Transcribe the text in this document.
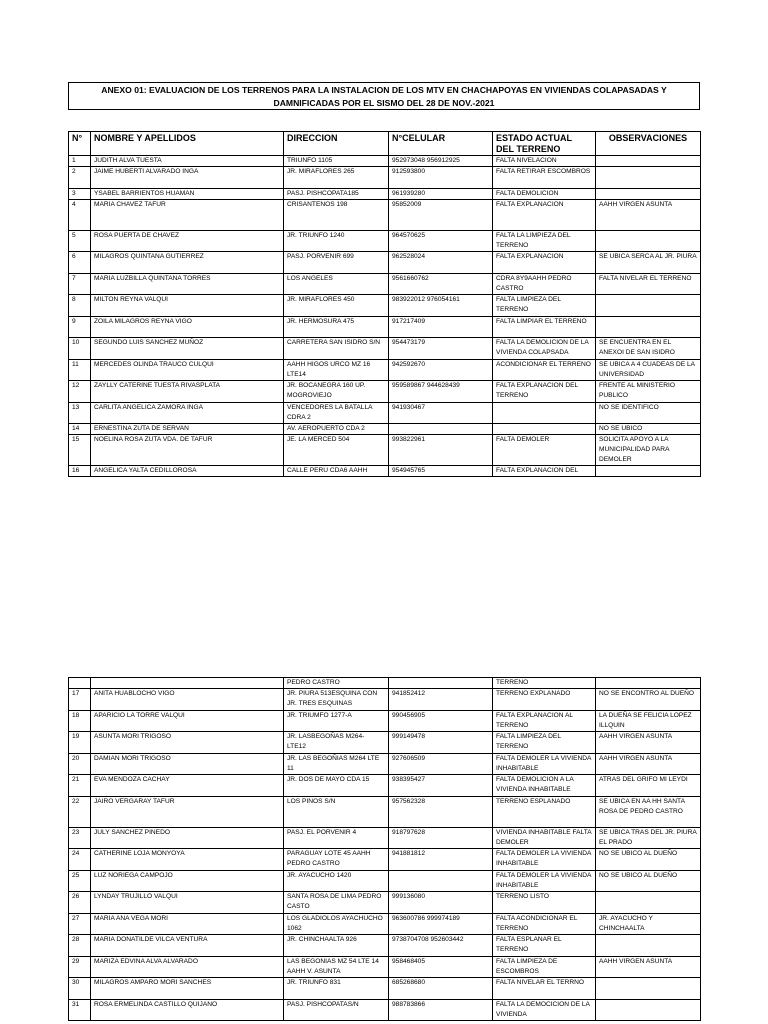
ANEXO 01: EVALUACION DE LOS TERRENOS PARA LA INSTALACION DE LOS MTV EN CHACHAPOYAS EN VIVIENDAS COLAPASADAS Y DAMNIFICADAS POR EL SISMO DEL 28 DE NOV.-2021
N°	NOMBRE Y APELLIDOS	DIRECCION	N°CELULAR	ESTADO ACTUAL DEL TERRENO	OBSERVACIONES
1	JUDITH ALVA TUESTA	TRIUNFO 1105	952973048 956912925	FALTA NIVELACION	
2	JAIME HUBERTI ALVARADO INGA	JR. MIRAFLORES 265	912593800	FALTA RETIRAR ESCOMBROS	
3	YSABEL BARRIENTOS HUAMAN	PASJ. PISHCOPATA185	961939280	FALTA DEMOLICION	
4	MARIA CHAVEZ TAFUR	CRISANTENOS 198	95852009	FALTA EXPLANACION	AAHH VIRGEN ASUNTA
5	ROSA PUERTA DE CHAVEZ	JR. TRIUNFO 1240	964570625	FALTA LA LIMPIEZA DEL TERRENO	
6	MILAGROS QUINTANA GUTIERREZ	PASJ. PORVENIR 699	962528024	FALTA EXPLANACION	SE UBICA SERCA AL JR. PIURA
7	MARIA LUZBILLA QUINTANA TORRES	LOS ANGELES	9561660762	CDRA 8Y9AAHH PEDRO CASTRO	FALTA NIVELAR EL TERRENO
8	MILTON REYNA VALQUI	JR. MIRAFLORES 450	983922012 976054161	FALTA LIMPIEZA DEL TERRENO	
9	ZOILA MILAGROS REYNA VIGO	JR. HERMOSURA 475	917217409	FALTA LIMPIAR EL TERRENO	
10	SEGUNDO LUIS SANCHEZ MUÑOZ	CARRETERA SAN ISIDRO S/N	954473179	FALTA LA DEMOLICION DE LA VIVIENDA COLAPSADA	SE ENCUENTRA EN EL ANEXOI DE SAN ISIDRO
11	MERCEDES OLINDA TRAUCO CULQUI	AAHH HIGOS URCO MZ 16 LTE14	942592670	ACONDICIONAR EL TERRENO	SE UBICA A 4 CUADEAS DE LA UNIVERSIDAD
12	ZAYLLY CATERINE TUESTA RIVASPLATA	JR. BOCANEGRA 160 UP. MOGROVIEJO	959589867 944628439	FALTA EXPLANACION DEL TERRENO	FRENTE AL MINISTERIO PUBLICO
13	CARLITA ANGELICA ZAMORA INGA	VENCEDORES LA BATALLA CDRA 2	941930467		NO SE IDENTIFICO
14	ERNESTINA ZUTA DE SERVAN	AV. AEROPUERTO CDA 2			NO SE UBICO
15	NOELINA ROSA ZUTA VDA. DE TAFUR	JE. LA MERCED 504	993822961	FALTA DEMOLER	SOLICITA APOYO A LA MUNICIPALIDAD PARA DEMOLER
16	ANGELICA YALTA CEDILLOROSA	CALLE PERU CDA6 AAHH	954945765	FALTA EXPLANACION DEL	
		PEDRO CASTRO		TERRENO	
17	ANITA HUABLOCHO VIGO	JR. PIURA 513ESQUINA CON JR. TRES ESQUINAS	941852412	TERRENO EXPLANADO	NO SE ENCONTRO AL DUEÑO
18	APARICIO LA TORRE VALQUI	JR. TRIUMFO 1277-A	990456905	FALTA EXPLANACION AL TERRENO	LA DUEÑA SE FELICIA LOPEZ ILLQUIN
19	ASUNTA MORI TRIGOSO	JR. LASBEGOÑAS M264- LTE12	999149478	FALTA LIMPIEZA DEL TERRENO	AAHH VIRGEN ASUNTA
20	DAMIAN MORI TRIGOSO	JR. LAS BEGOÑIAS M264 LTE 11	927606509	FALTA DEMOLER LA VIVIENDA INHABITABLE	AAHH VIRGEN ASUNTA
21	EVA MENDOZA CACHAY	JR. DOS DE MAYO CDA 15	938395427	FALTA DEMOLICION A LA VIVIENDA INHABITABLE	ATRAS DEL GRIFO MI LEYDI
22	JAIRO VERGARAY TAFUR	LOS PINOS S/N	957562328	TERRENO ESPLANADO	SE UBICA EN AA HH SANTA ROSA DE PEDRO CASTRO
23	JULY SANCHEZ PINEDO	PASJ. EL PORVENIR 4	918797628	VIVIENDA INHABITABLE FALTA DEMOLER	SE UBICA TRAS DEL JR. PIURA EL PRADO
24	CATHERINE LOJA MONYOYA	PARAGUAY LOTE 45 AAHH PEDRO CASTRO	941881812	FALTA DEMOLER LA VIVIENDA INHABITABLE	NO SE UBICO AL DUEÑO
25	LUZ NORIEGA CAMPOJO	JR. AYACUCHO 1420		FALTA DEMOLER LA VIVIENDA INHABITABLE	NO SE UBICO AL DUEÑO
26	LYNDAY TRUJILLO VALQUI	SANTA ROSA DE LIMA PEDRO CASTO	999136080	TERRENO LISTO	
27	MARIA ANA VEGA MORI	LOS GLADIOLOS AYACHUCHO 1062	963600786 999974189	FALTA ACONDICIONAR EL TERRENO	JR. AYACUCHO Y CHINCHAALTA
28	MARIA DONATILDE VILCA VENTURA	JR. CHINCHAALTA 926	9738704708 952603442	FALTA ESPLANAR EL TERRENO	
29	MARIZA EDVINA ALVA ALVARADO	LAS BEGONIAS MZ 54 LTE 14 AAHH V. ASUNTA	958468405	FALTA LIMPIEZA DE ESCOMBROS	AAHH VIRGEN ASUNTA
30	MILAGROS AMPARO MORI SANCHES	JR. TRIUNFO 831	685268680	FALTA NIVELAR EL TERRNO	
31	ROSA ERMELINDA CASTILLO QUIJANO	PASJ. PISHCOPATAS/N	988783866	FALTA LA DEMOCICION DE LA VIVIENDA	
